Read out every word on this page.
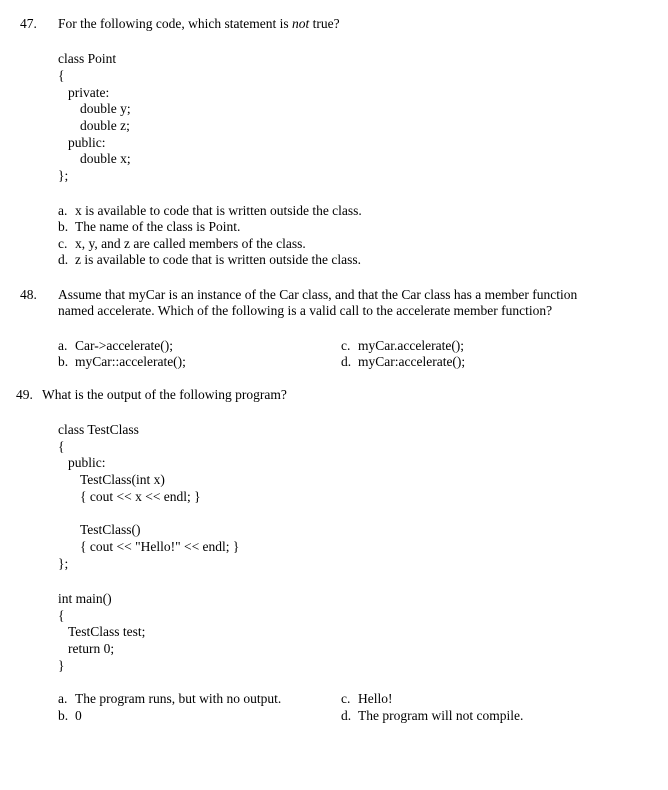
47. For the following code, which statement is not true?
class Point
{
private:
double y;
double z;
public:
double x;
};
a. x is available to code that is written outside the class.
b. The name of the class is Point.
c. x, y, and z are called members of the class.
d. z is available to code that is written outside the class.
48. Assume that myCar is an instance of the Car class, and that the Car class has a member function
named accelerate. Which of the following is a valid call to the accelerate member function?
a. Car->accelerate();
b. myCar::accelerate();
c. myCar.accelerate();
d. myCar:accelerate();
49. What is the output of the following program?
class TestClass
{
public:
TestClass(int x)
{ cout << x << endl; }
TestClass()
{ cout << "Hello!" << endl; }
};
int main()
{
TestClass test;
return 0;
}
a. The program runs, but with no output.
b. 0
c. Hello!
d. The program will not compile.
